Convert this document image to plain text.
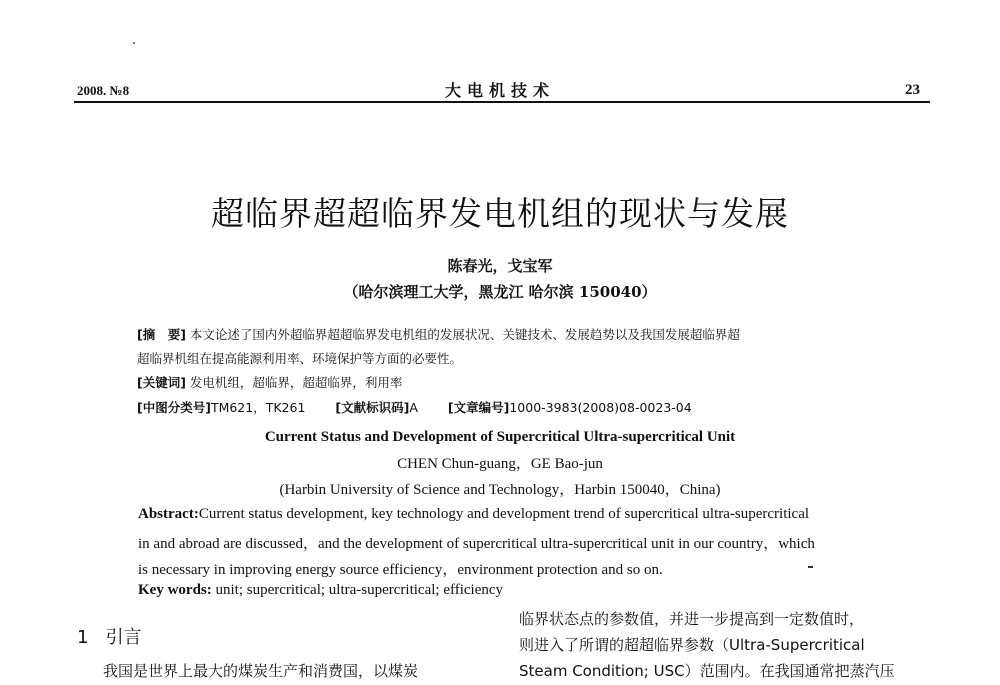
2008. №8	大电机技术	23
超临界超超临界发电机组的现状与发展
陈春光，戈宝军
（哈尔滨理工大学，黑龙江 哈尔滨 150040）
[摘　要] 本文论述了国内外超临界超超临界发电机组的发展状况、关键技术、发展趋势以及我国发展超临界超
超临界机组在提高能源利用率、环境保护等方面的必要性。
[关键词] 发电机组，超临界，超超临界，利用率
[中图分类号]TM621，TK261 [文献标识码]A [文章编号]1000-3983(2008)08-0023-04
Current Status and Development of Supercritical Ultra-supercritical Unit
CHEN Chun-guang，GE Bao-jun
(Harbin University of Science and Technology，Harbin 150040，China)
Abstract:Current status development, key technology and development trend of supercritical ultra-supercritical
in and abroad are discussed，and the development of supercritical ultra-supercritical unit in our country，which
is necessary in improving energy source efficiency，environment protection and so on.
Key words: unit; supercritical; ultra-supercritical; efficiency
1 引言
我国是世界上最大的煤炭生产和消费国，以煤炭
临界状态点的参数值，并进一步提高到一定数值时，
则进入了所谓的超超临界参数（Ultra-Supercritical
Steam Condition; USC）范围内。在我国通常把蒸汽压
